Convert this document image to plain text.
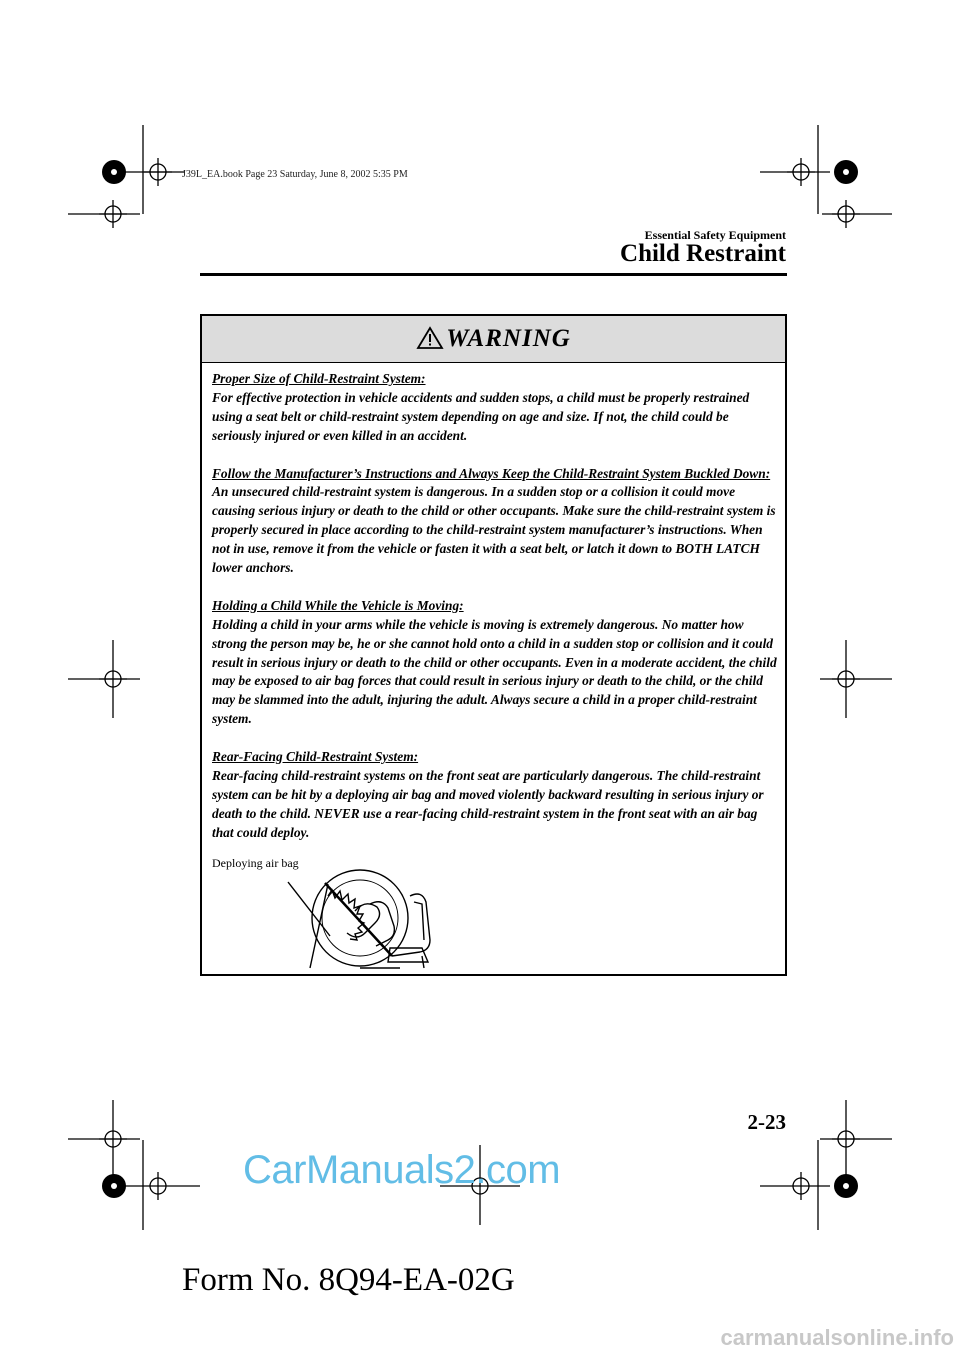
J39L_EA.book Page 23 Saturday, June 8, 2002 5:35 PM
Essential Safety Equipment
Child Restraint
WARNING
Proper Size of Child-Restraint System:
For effective protection in vehicle accidents and sudden stops, a child must be properly restrained using a seat belt or child-restraint system depending on age and size. If not, the child could be seriously injured or even killed in an accident.
Follow the Manufacturer’s Instructions and Always Keep the Child-Restraint System Buckled Down:
An unsecured child-restraint system is dangerous. In a sudden stop or a collision it could move causing serious injury or death to the child or other occupants. Make sure the child-restraint system is properly secured in place according to the child-restraint system manufacturer’s instructions. When not in use, remove it from the vehicle or fasten it with a seat belt, or latch it down to BOTH LATCH lower anchors.
Holding a Child While the Vehicle is Moving:
Holding a child in your arms while the vehicle is moving is extremely dangerous. No matter how strong the person may be, he or she cannot hold onto a child in a sudden stop or collision and it could result in serious injury or death to the child or other occupants. Even in a moderate accident, the child may be exposed to air bag forces that could result in serious injury or death to the child, or the child may be slammed into the adult, injuring the adult. Always secure a child in a proper child-restraint system.
Rear-Facing Child-Restraint System:
Rear-facing child-restraint systems on the front seat are particularly dangerous. The child-restraint system can be hit by a deploying air bag and moved violently backward resulting in serious injury or death to the child. NEVER use a rear-facing child-restraint system in the front seat with an air bag that could deploy.
Deploying air bag
2-23
CarManuals2.com
Form No. 8Q94-EA-02G
carmanualsonline.info
